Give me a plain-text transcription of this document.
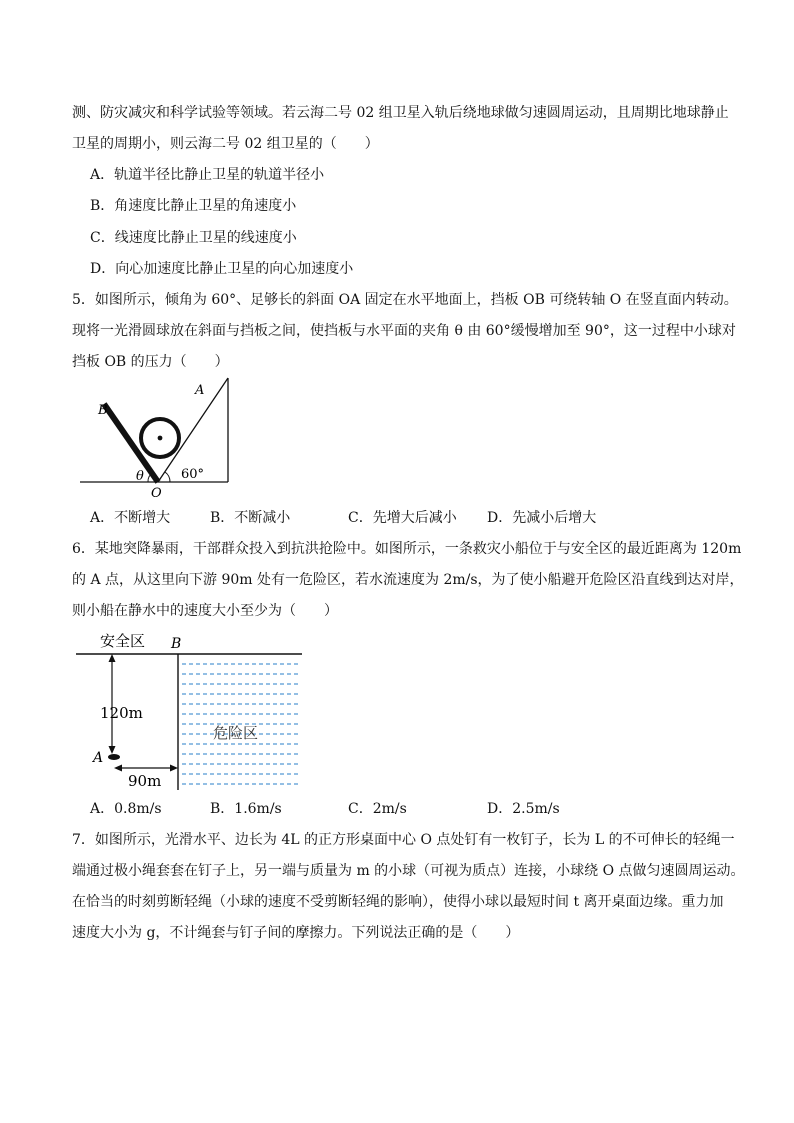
测、防灾减灾和科学试验等领域。若云海二号 02 组卫星入轨后绕地球做匀速圆周运动，且周期比地球静止
卫星的周期小，则云海二号 02 组卫星的（　　）
A．轨道半径比静止卫星的轨道半径小
B．角速度比静止卫星的角速度小
C．线速度比静止卫星的线速度小
D．向心加速度比静止卫星的向心加速度小
5．如图所示，倾角为 60°、足够长的斜面 OA 固定在水平地面上，挡板 OB 可绕转轴 O 在竖直面内转动。
现将一光滑圆球放在斜面与挡板之间，使挡板与水平面的夹角 θ 由 60°缓慢增加至 90°，这一过程中小球对
挡板 OB 的压力（　　）
B
A
θ	60°
O
A．不断增大	B．不断减小	C．先增大后减小 D．先减小后增大
6．某地突降暴雨，干部群众投入到抗洪抢险中。如图所示，一条救灾小船位于与安全区的最近距离为 120m
的 A 点，从这里向下游 90m 处有一危险区，若水流速度为 2m/s，为了使小船避开危险区沿直线到达对岸，
则小船在静水中的速度大小至少为（　　）
安全区 B
120m
危险区
A
90m
A．0.8m/s	B．1.6m/s	C．2m/s	D．2.5m/s
7．如图所示，光滑水平、边长为 4L 的正方形桌面中心 O 点处钉有一枚钉子，长为 L 的不可伸长的轻绳一
端通过极小绳套套在钉子上，另一端与质量为 m 的小球（可视为质点）连接，小球绕 O 点做匀速圆周运动。
在恰当的时刻剪断轻绳（小球的速度不受剪断轻绳的影响），使得小球以最短时间 t 离开桌面边缘。重力加
速度大小为 g，不计绳套与钉子间的摩擦力。下列说法正确的是（　　）
